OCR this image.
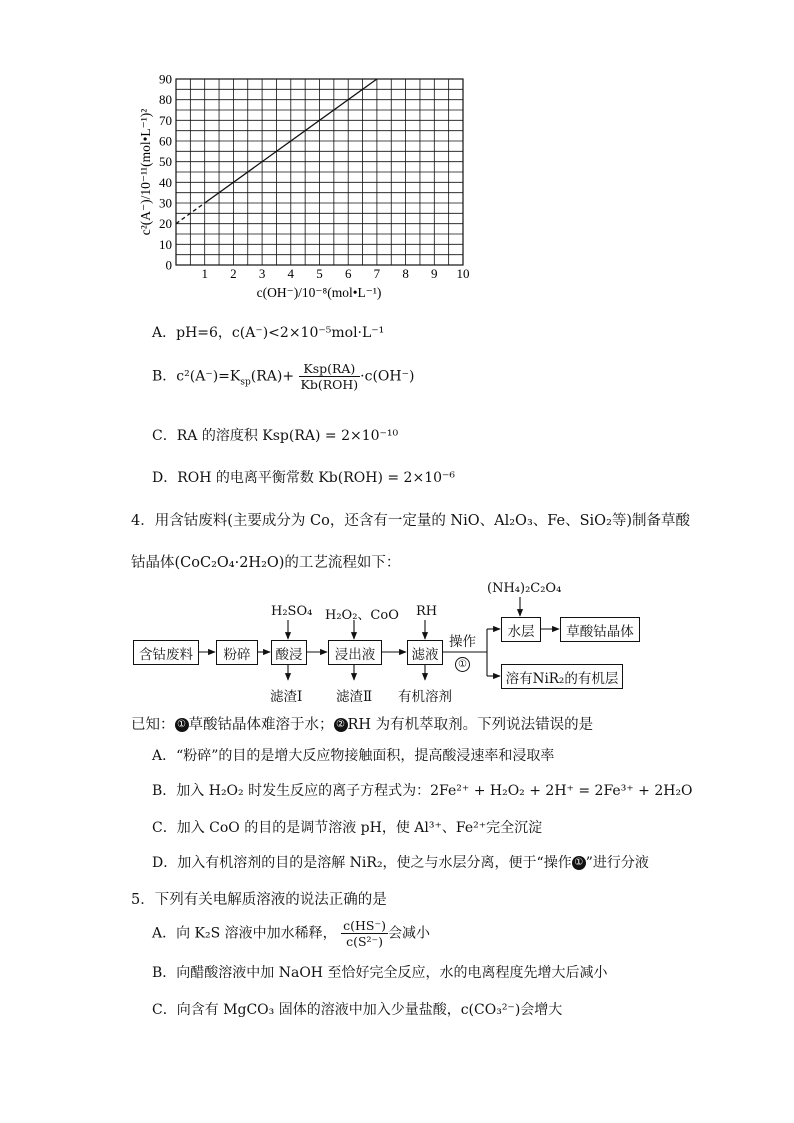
1 2 3 4 5 6 7 8 9 10
0
10
20
30
40
50
60
70
80
90
c(OH⁻)/10⁻⁸(mol•L⁻¹)
c²(A⁻)/10⁻¹¹(mol•L⁻¹)²
A．pH=6，c(A⁻)<2×10⁻⁵mol·L⁻¹
B．$c^2(A^-)=K_{sp}(RA)+ \frac{\text{Ksp(RA)}}{\text{Kb(ROH)}} \cdot c(OH^-)$
C．RA 的溶度积 Ksp(RA) = 2×10⁻¹⁰
D．ROH 的电离平衡常数 Kb(ROH) = 2×10⁻⁶
4．用含钴废料(主要成分为 Co，还含有一定量的 NiO、Al₂O₃、Fe、SiO₂等)制备草酸
钴晶体(CoC₂O₄·2H₂O)的工艺流程如下：
含钴废料	粉碎	酸浸	浸出液	滤液
水层	草酸钴晶体
溶有NiR₂的有机层
H₂SO₄ H₂O₂、CoO RH
(NH₄)₂C₂O₄
滤渣Ⅰ 滤渣Ⅱ 有机溶剂
操作
①
已知： ① 草酸钴晶体难溶于水； ② RH 为有机萃取剂。下列说法错误的是
A．“粉碎”的目的是增大反应物接触面积，提高酸浸速率和浸取率
B．加入 H₂O₂ 时发生反应的离子方程式为：2Fe²⁺ + H₂O₂ + 2H⁺ = 2Fe³⁺ + 2H₂O
C．加入 CoO 的目的是调节溶液 pH，使 Al³⁺、Fe²⁺完全沉淀
D．加入有机溶剂的目的是溶解 NiR₂，使之与水层分离，便于“操作 ① ”进行分液
5．下列有关电解质溶液的说法正确的是
A．向 K₂S 溶液中加水稀释， $\frac{c(HS^-)}{\text{c(S²⁻)}}$ 会减小
B．向醋酸溶液中加 NaOH 至恰好完全反应，水的电离程度先增大后减小
C．向含有 MgCO₃ 固体的溶液中加入少量盐酸，c(CO₃²⁻)会增大
